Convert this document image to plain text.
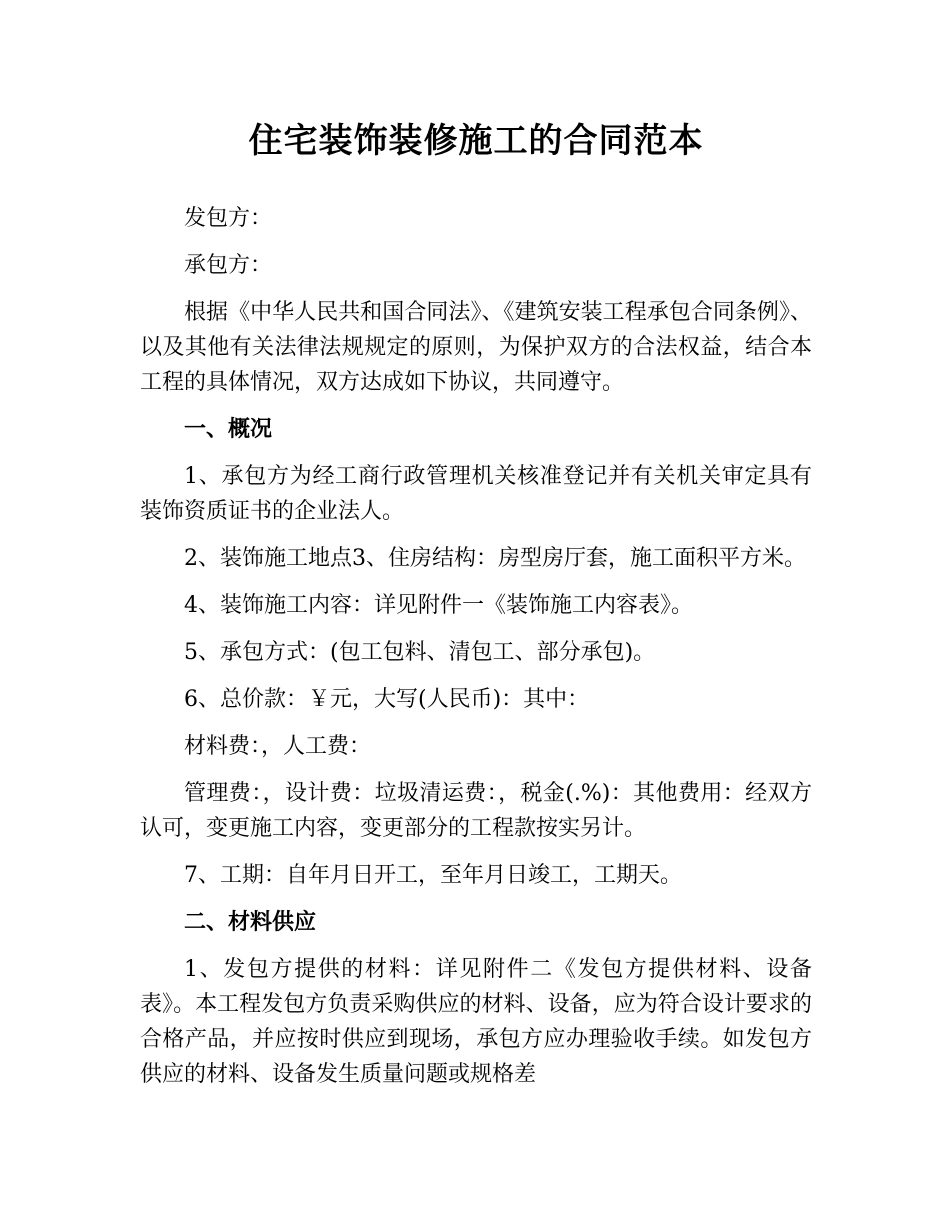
住宅装饰装修施工的合同范本

发包方：

承包方：

根据《中华人民共和国合同法》、《建筑安装工程承包合同条例》、以及其他有关法律法规规定的原则，为保护双方的合法权益，结合本工程的具体情况，双方达成如下协议，共同遵守。

一、概况

1、承包方为经工商行政管理机关核准登记并有关机关审定具有装饰资质证书的企业法人。

2、装饰施工地点3、住房结构：房型房厅套，施工面积平方米。

4、装饰施工内容：详见附件一《装饰施工内容表》。

5、承包方式：(包工包料、清包工、部分承包)。

6、总价款：￥元，大写(人民币)：其中：

材料费：，人工费：

管理费：，设计费：垃圾清运费：，税金(.%)：其他费用：经双方认可，变更施工内容，变更部分的工程款按实另计。

7、工期：自年月日开工，至年月日竣工，工期天。

二、材料供应

1、发包方提供的材料：详见附件二《发包方提供材料、设备表》。本工程发包方负责采购供应的材料、设备，应为符合设计要求的合格产品，并应按时供应到现场，承包方应办理验收手续。如发包方供应的材料、设备发生质量问题或规格差
